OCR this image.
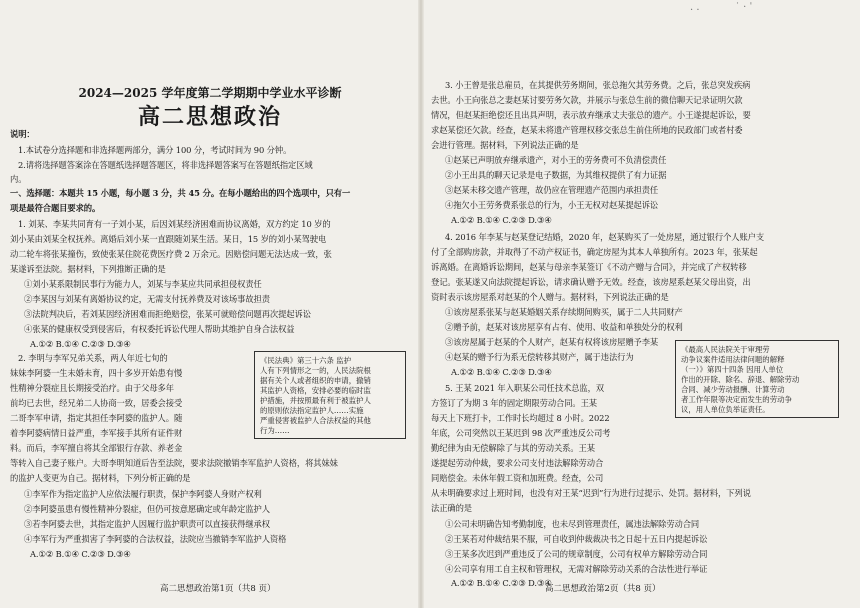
2024—2025 学年度第二学期期中学业水平诊断
高二思想政治
说明：
1.本试卷分选择题和非选择题两部分，满分 100 分，考试时间为 90 分钟。
2.请将选择题答案涂在答题纸选择题答题区，将非选择题答案写在答题纸指定区域
内。
一、选择题：本题共 15 小题，每小题 3 分，共 45 分。在每小题给出的四个选项中，只有一
项是最符合题目要求的。
1. 刘某、李某共同育有一子刘小某，后因刘某经济困难而协议离婚，双方约定 10 岁的
刘小某由刘某全权抚养。离婚后刘小某一直跟随刘某生活。某日，15 岁的刘小某驾驶电
动二轮车将张某撞伤，致使张某住院花费医疗费 2 万余元。因赔偿问题无法达成一致，张
某遂诉至法院。据材料，下列推断正确的是
①刘小某系限制民事行为能力人，刘某与李某应共同承担侵权责任
②李某因与刘某有离婚协议约定，无需支付抚养费及对该场事故担责
③法院判决后，若刘某因经济困难而拒绝赔偿，张某可就赔偿问题再次提起诉讼
④张某的健康权受到侵害后，有权委托诉讼代理人帮助其维护自身合法权益
A.①② B.①④ C.②③ D.③④
2. 李明与李军兄弟关系，两人年近七旬的
妹妹李阿婆一生未婚未育，四十多岁开始患有慢
性精神分裂症且长期接受治疗。由于父母多年
前均已去世，经兄弟二人协商一致，居委会接受
二哥李军申请，指定其担任李阿婆的监护人。随
着李阿婆病情日益严重，李军接手其所有证件财
料。而后，李军擅自将其全部银行存款、养老金
等转入自己妻子账户。大哥李明知道后告至法院，要求法院撤销李军监护人资格，将其妹妹
的监护人变更为自己。据材料，下列分析正确的是
①李军作为指定监护人应依法履行职责，保护李阿婆人身财产权利
②李阿婆虽患有慢性精神分裂症，但仍可按意愿确定或年龄定监护人
③若李阿婆去世，其指定监护人因履行监护职责可以直接获得继承权
④李军行为严重损害了李阿婆的合法权益，法院应当撤销李军监护人资格
A.①② B.①④ C.②③ D.③④
《民法典》第三十六条 监护
人有下列情形之一的，人民法院根
据有关个人或者组织的申请，撤销
其监护人资格，安排必要的临时监
护措施，并按照最有利于被监护人
的原则依法指定监护人……实施
严重侵害被监护人合法权益的其他
行为……
高二思想政治第1页（共8 页）
3. 小王曾是张总雇员，在其提供劳务期间，张总拖欠其劳务费。之后，张总突发疾病
去世。小王向张总之妻赵某讨要劳务欠款，并展示与张总生前的微信聊天记录证明欠款
情况，但赵某拒绝偿还且出具声明，表示放弃继承丈夫张总的遗产。小王遂提起诉讼，要
求赵某偿还欠款。经查，赵某未将遗产管理权移交张总生前住所地的民政部门或者村委
会进行管理。据材料，下列说法正确的是
①赵某已声明放弃继承遗产，对小王的劳务费可不负清偿责任
②小王出具的聊天记录是电子数据，为其维权提供了有力证据
③赵某未移交遗产管理，故仍应在管理遗产范围内承担责任
④拖欠小王劳务费系张总的行为，小王无权对赵某提起诉讼
A.①② B.①④ C.②③ D.③④
4. 2016 年李某与赵某登记结婚，2020 年，赵某购买了一处房屋，通过银行个人账户支
付了全部购房款，并取得了不动产权证书，确定房屋为其本人单独所有。2023 年，张某起
诉离婚。在离婚诉讼期间，赵某与母亲李某签订《不动产赠与合同》，并完成了产权转移
登记。张某遂又向法院提起诉讼，请求确认赠予无效。经查，该房屋系赵某父母出资，出
资时表示该房屋系对赵某的个人赠与。据材料，下列说法正确的是
①该房屋系张某与赵某婚姻关系存续期间购买，属于二人共同财产
②赠予前，赵某对该房屋享有占有、使用、收益和单独处分的权利
③该房屋属于赵某的个人财产，赵某有权将该房屋赠予李某
④赵某的赠予行为系无偿转移其财产，属于违法行为
A.①② B.①④ C.②③ D.③④
5. 王某 2021 年入职某公司任技术总监，双
方签订了为期 3 年的固定期限劳动合同。王某
每天上下班打卡，工作时长均超过 8 小时。2022
年底，公司突然以王某迟到 98 次严重违反公司考
勤纪律为由无偿解除了与其的劳动关系。王某
遂提起劳动仲裁，要求公司支付违法解除劳动合
同赔偿金。未休年假工资和加班费。经查，公司
从未明确要求过上班时间，也没有对王某“迟到”行为进行过提示、处罚。据材料，下列说
法正确的是
①公司未明确告知考勤制度，也未尽到管理责任，属违法解除劳动合同
②王某若对仲裁结果不服，可自收到仲裁裁决书之日起十五日内提起诉讼
③王某多次迟到严重违反了公司的规章制度，公司有权单方解除劳动合同
④公司享有用工自主权和管理权，无需对解除劳动关系的合法性进行举证
A.①② B.①④ C.②③ D.③④
《最高人民法院关于审理劳
动争议案件适用法律问题的解释
（一）》第四十四条 因用人单位
作出的开除、除名、辞退、解除劳动
合同、减少劳动报酬、计算劳动
者工作年限等决定而发生的劳动争
议，用人单位负举证责任。
高二思想政治第2页（共8 页）
˙ · ˈ
· ·
